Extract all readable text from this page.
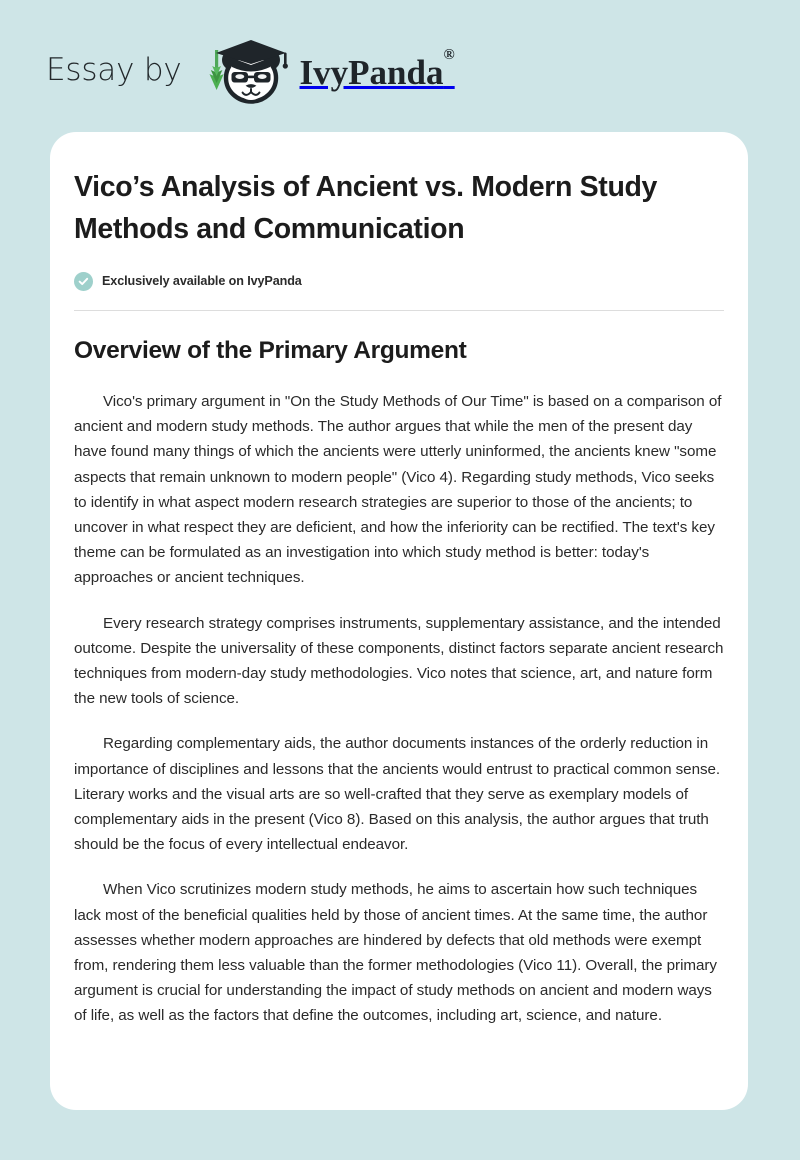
Essay by	IvyPanda®
Vico’s Analysis of Ancient vs. Modern Study Methods and Communication
Exclusively available on IvyPanda
Overview of the Primary Argument

Vico's primary argument in "On the Study Methods of Our Time" is based on a comparison of ancient and modern study methods. The author argues that while the men of the present day have found many things of which the ancients were utterly uninformed, the ancients knew "some aspects that remain unknown to modern people" (Vico 4). Regarding study methods, Vico seeks to identify in what aspect modern research strategies are superior to those of the ancients; to uncover in what respect they are deficient, and how the inferiority can be rectified. The text's key theme can be formulated as an investigation into which study method is better: today's approaches or ancient techniques.

Every research strategy comprises instruments, supplementary assistance, and the intended outcome. Despite the universality of these components, distinct factors separate ancient research techniques from modern-day study methodologies. Vico notes that science, art, and nature form the new tools of science.

Regarding complementary aids, the author documents instances of the orderly reduction in importance of disciplines and lessons that the ancients would entrust to practical common sense. Literary works and the visual arts are so well-crafted that they serve as exemplary models of complementary aids in the present (Vico 8). Based on this analysis, the author argues that truth should be the focus of every intellectual endeavor.

When Vico scrutinizes modern study methods, he aims to ascertain how such techniques lack most of the beneficial qualities held by those of ancient times. At the same time, the author assesses whether modern approaches are hindered by defects that old methods were exempt from, rendering them less valuable than the former methodologies (Vico 11). Overall, the primary argument is crucial for understanding the impact of study methods on ancient and modern ways of life, as well as the factors that define the outcomes, including art, science, and nature.
